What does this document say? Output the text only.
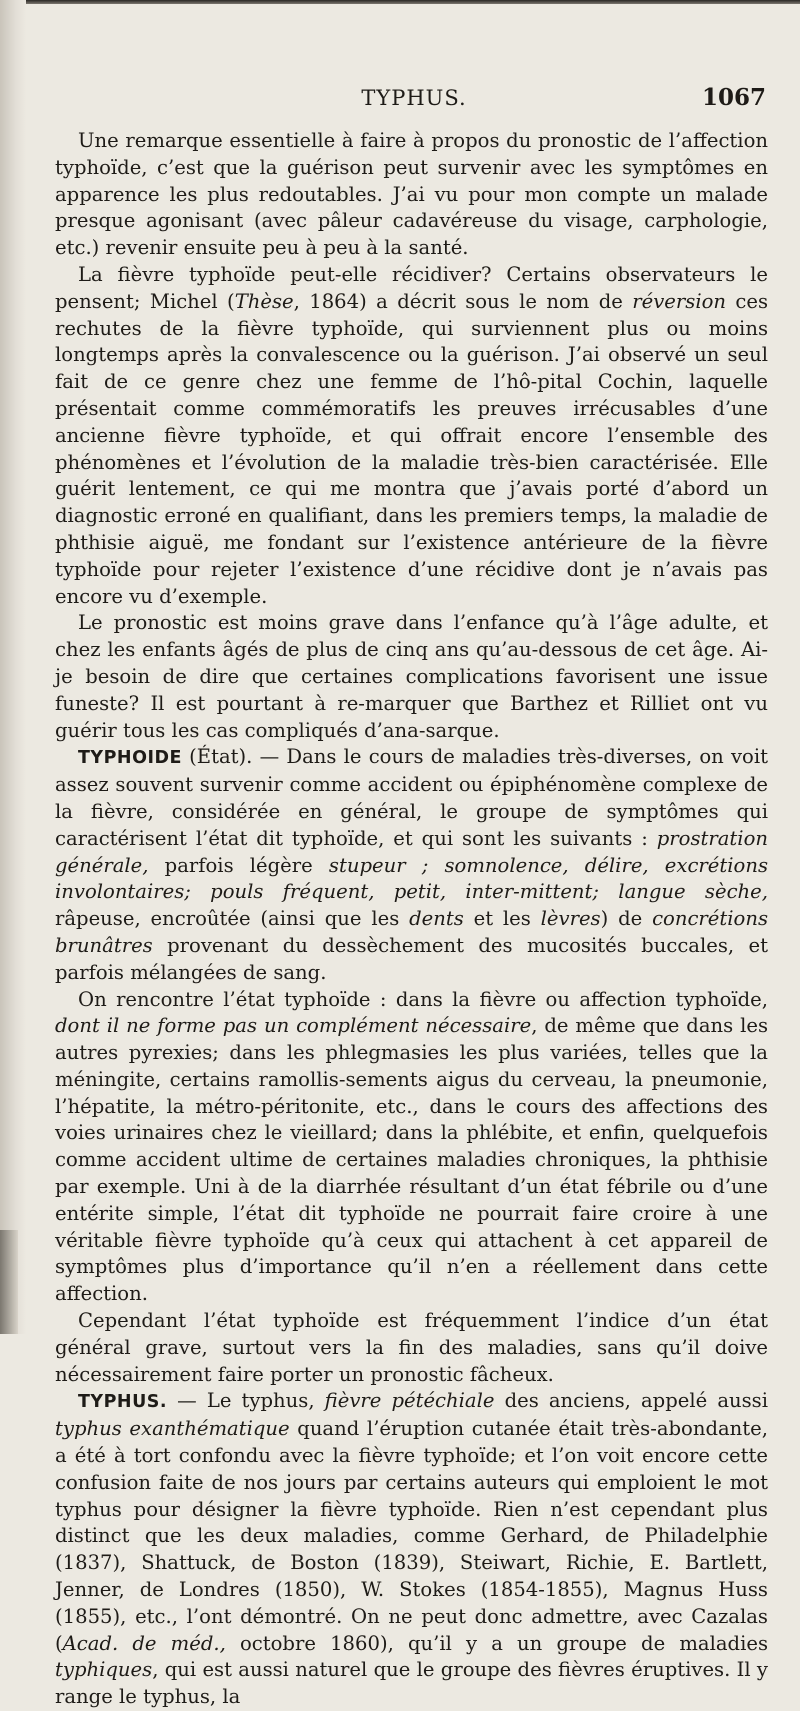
TYPHUS.	1067

Une remarque essentielle à faire à propos du pronostic de l’affection typhoïde, c’est que la guérison peut survenir avec les symptômes en apparence les plus redoutables. J’ai vu pour mon compte un malade presque agonisant (avec pâleur cadavéreuse du visage, carphologie, etc.) revenir ensuite peu à peu à la santé.

La fièvre typhoïde peut-elle récidiver? Certains observateurs le pensent; Michel (Thèse, 1864) a décrit sous le nom de réversion ces rechutes de la fièvre typhoïde, qui surviennent plus ou moins longtemps après la convalescence ou la guérison. J’ai observé un seul fait de ce genre chez une femme de l’hô-pital Cochin, laquelle présentait comme commémoratifs les preuves irrécusables d’une ancienne fièvre typhoïde, et qui offrait encore l’ensemble des phénomènes et l’évolution de la maladie très-bien caractérisée. Elle guérit lentement, ce qui me montra que j’avais porté d’abord un diagnostic erroné en qualifiant, dans les premiers temps, la maladie de phthisie aiguë, me fondant sur l’existence antérieure de la fièvre typhoïde pour rejeter l’existence d’une récidive dont je n’avais pas encore vu d’exemple.

Le pronostic est moins grave dans l’enfance qu’à l’âge adulte, et chez les enfants âgés de plus de cinq ans qu’au-dessous de cet âge. Ai-je besoin de dire que certaines complications favorisent une issue funeste? Il est pourtant à re-marquer que Barthez et Rilliet ont vu guérir tous les cas compliqués d’ana-sarque.

TYPHOIDE (État). — Dans le cours de maladies très-diverses, on voit assez souvent survenir comme accident ou épiphénomène complexe de la fièvre, considérée en général, le groupe de symptômes qui caractérisent l’état dit typhoïde, et qui sont les suivants : prostration générale, parfois légère stupeur ; somnolence, délire, excrétions involontaires; pouls fréquent, petit, inter-mittent; langue sèche, râpeuse, encroûtée (ainsi que les dents et les lèvres) de concrétions brunâtres provenant du dessèchement des mucosités buccales, et parfois mélangées de sang.

On rencontre l’état typhoïde : dans la fièvre ou affection typhoïde, dont il ne forme pas un complément nécessaire, de même que dans les autres pyrexies; dans les phlegmasies les plus variées, telles que la méningite, certains ramollis-sements aigus du cerveau, la pneumonie, l’hépatite, la métro-péritonite, etc., dans le cours des affections des voies urinaires chez le vieillard; dans la phlébite, et enfin, quelquefois comme accident ultime de certaines maladies chroniques, la phthisie par exemple. Uni à de la diarrhée résultant d’un état fébrile ou d’une entérite simple, l’état dit typhoïde ne pourrait faire croire à une véritable fièvre typhoïde qu’à ceux qui attachent à cet appareil de symptômes plus d’importance qu’il n’en a réellement dans cette affection.

Cependant l’état typhoïde est fréquemment l’indice d’un état général grave, surtout vers la fin des maladies, sans qu’il doive nécessairement faire porter un pronostic fâcheux.

TYPHUS. — Le typhus, fièvre pétéchiale des anciens, appelé aussi typhus exanthématique quand l’éruption cutanée était très-abondante, a été à tort confondu avec la fièvre typhoïde; et l’on voit encore cette confusion faite de nos jours par certains auteurs qui emploient le mot typhus pour désigner la fièvre typhoïde. Rien n’est cependant plus distinct que les deux maladies, comme Gerhard, de Philadelphie (1837), Shattuck, de Boston (1839), Steiwart, Richie, E. Bartlett, Jenner, de Londres (1850), W. Stokes (1854-1855), Magnus Huss (1855), etc., l’ont démontré. On ne peut donc admettre, avec Cazalas (Acad. de méd., octobre 1860), qu’il y a un groupe de maladies typhiques, qui est aussi naturel que le groupe des fièvres éruptives. Il y range le typhus, la
